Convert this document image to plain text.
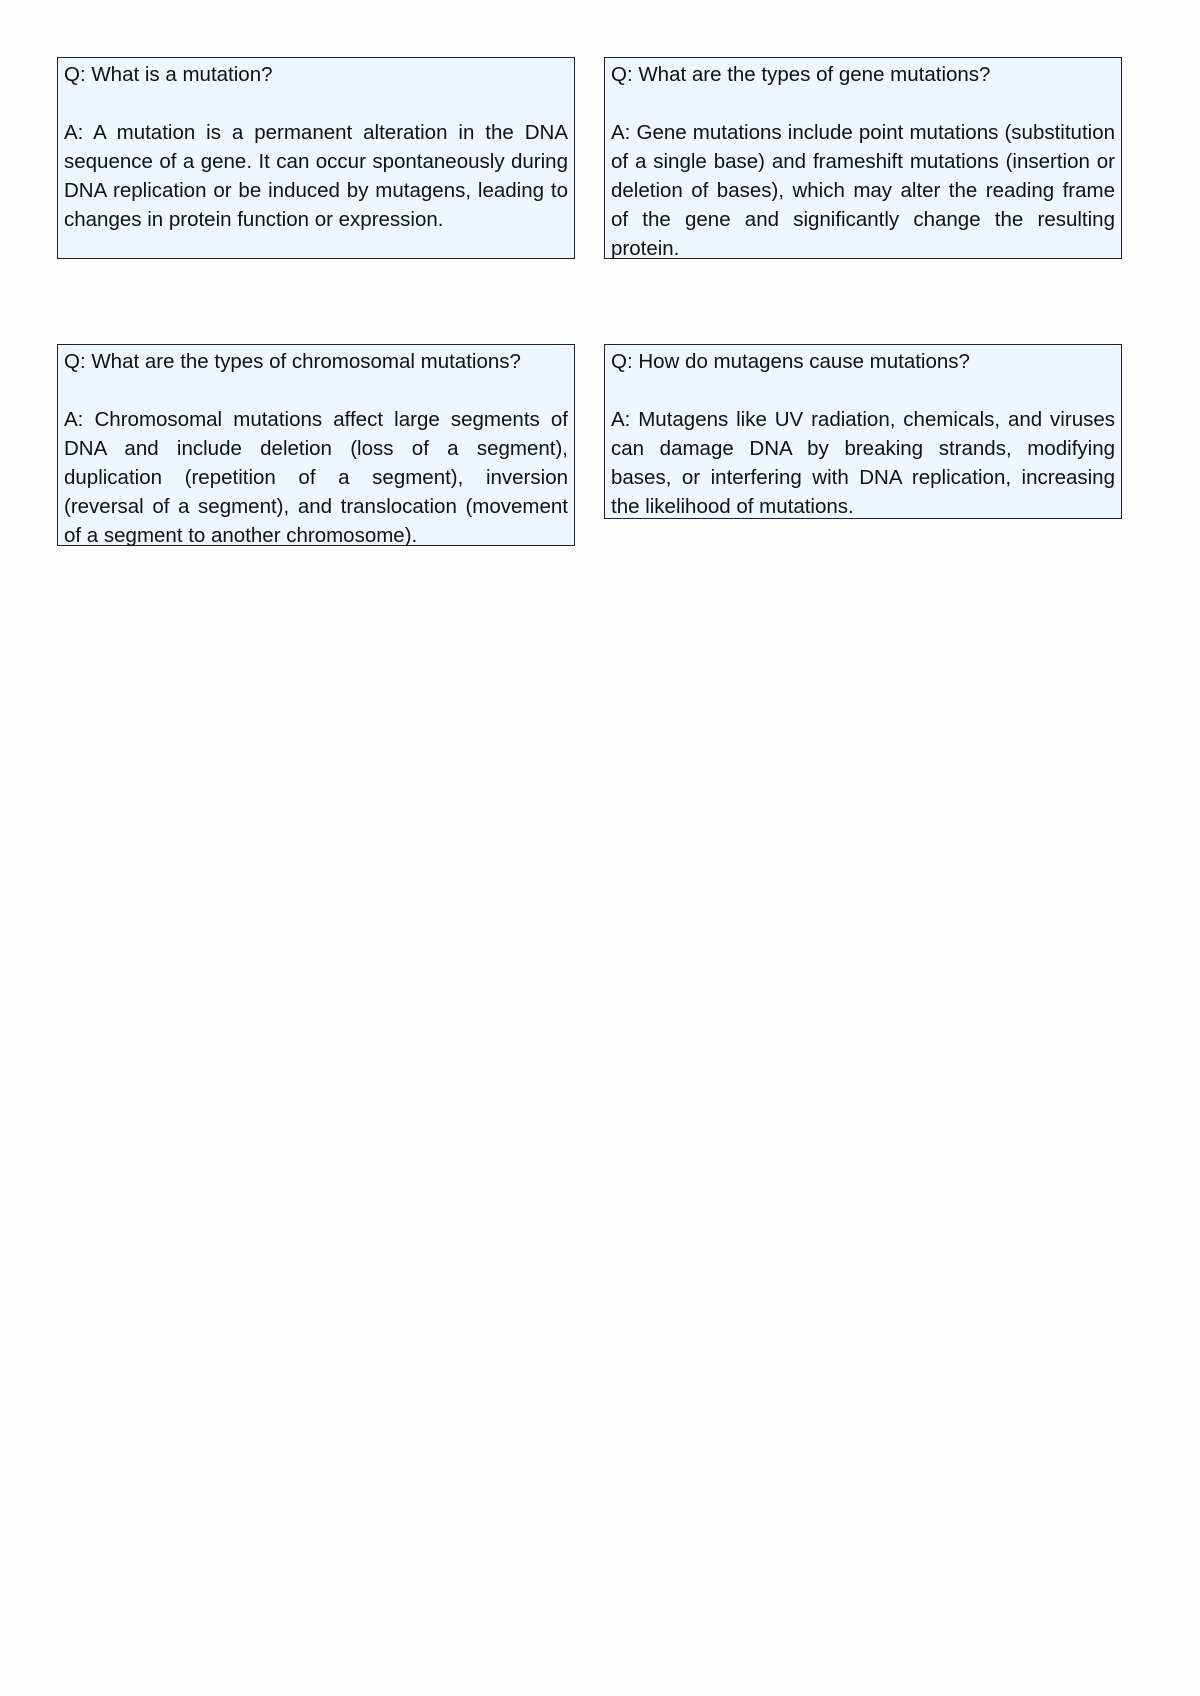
Q: What is a mutation?

A: A mutation is a permanent alteration in the DNA sequence of a gene. It can occur spontaneously during DNA replication or be induced by mutagens, leading to changes in protein function or expression.

Q: What are the types of gene mutations?

A: Gene mutations include point mutations (substitution of a single base) and frameshift mutations (insertion or deletion of bases), which may alter the reading frame of the gene and significantly change the resulting protein.

Q: What are the types of chromosomal mutations?

A: Chromosomal mutations affect large segments of DNA and include deletion (loss of a segment), duplication (repetition of a segment), inversion (reversal of a segment), and translocation (movement of a segment to another chromosome).

Q: How do mutagens cause mutations?

A: Mutagens like UV radiation, chemicals, and viruses can damage DNA by breaking strands, modifying bases, or interfering with DNA replication, increasing the likelihood of mutations.
